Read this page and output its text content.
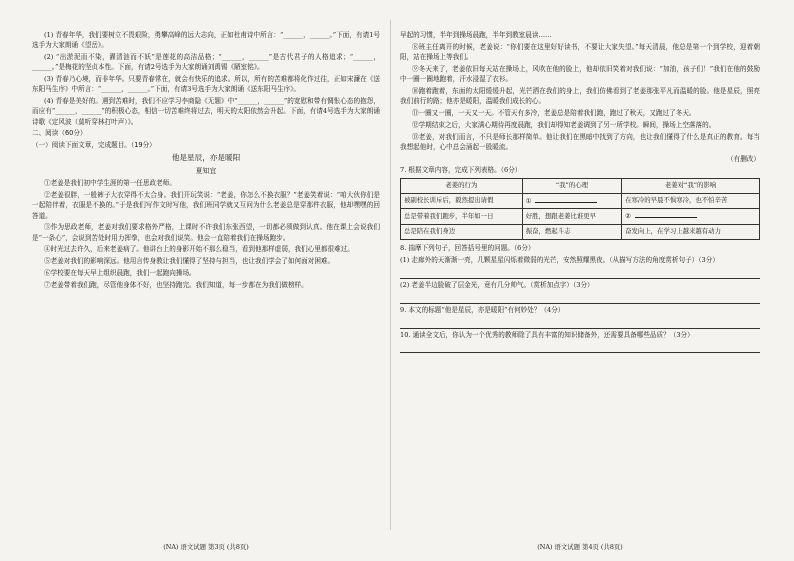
(1) 青春年华，我们要树立不畏艰险，勇攀高峰的远大志向，正如杜甫诗中所言：“______，______。”下面，有请1号选手为大家朗诵《望岳》。

(2) “出淤泥而不染，濯清涟而不妖”是莲花的高洁品格；“______，______”是古代君子的人格追求；“______，______。”是梅花的坚贞本性。下面，有请2号选手为大家朗诵刘禹锡《陋室铭》。

(3) 青春乃心境，而非年华。只要青春常在，就会有快乐的追求。所以，所有的苦难都将化作过往，正如宋濂在《送东阳马生序》中所言：“______，______。”下面，有请3号选手为大家朗诵《送东阳马生序》。

(4) 青春是美好的。遇到苦难时，我们不应学习李商隐《无题》中“______，______”的宽慰和带有惆怅心态的抱怨，而应有“______，______”的积极心态，相信一切苦难终将过去，明天的太阳依然会升起。下面，有请4号选手为大家朗诵诗歌《定风波（莫听穿林打叶声）》。

二、阅读（60分）

（一）阅读下面文章，完成题目。（19分）

他是星辰，亦是暖阳

夏知宜

①老姜是我们初中学生涯的第一任思政老师。

②老姜很胖，一般裤子大衣穿得不太合身。我们开玩笑说：“老姜，你怎么不换衣服？”老姜笑着说：“咱大伙你们是一起陪伴着，衣服是不换的。”于是我们写作文时写他，我们班同学就又互问为什么老姜总是穿那件衣服，他却嘿嘿的回答道。

③作为思政老师，老姜对我们要求格外严格，上课时不许我们东张西望，一切都必须做到认真。他在课上会说我们是“一条心”，会说到苦处时用力挥拳，也会对我们说笑。他会一直陪着我们在操场跑步。

④时光过去许久，后来老姜病了。他讲台上的身影开始不那么稳当，看到他那样虚弱，我们心里都很难过。

⑤老姜对我们的影响深远。他用言传身教让我们懂得了坚持与担当，也让我们学会了如何面对困难。

⑥学校要在每天早上组织晨跑，我们一起跑向操场。

⑦老姜带着我们跑，尽管他身体不好，也坚持跑完。我们知道，每一步都在为我们做榜样。

(NA) 语文试题 第3页 (共8页)

早起的习惯，半年到操场晨跑，半年到教室晨读……

⑧班主任离开的时候，老姜说：“你们要在这里好好读书，不要让大家失望。”每天清晨，他总是第一个到学校，迎着朝阳，站在操场上等我们。

⑨冬天来了，老姜依旧每天站在操场上，风吹在他的脸上，他却依旧笑着对我们说：“加油，孩子们！”我们在他的鼓励中一圈一圈地跑着，汗水浸湿了衣衫。

⑩跑着跑着，东面的太阳缓缓升起，光芒洒在我们的身上，我们仿佛看到了老姜那张平凡而温暖的脸。他是星辰，照亮我们前行的路；他亦是暖阳，温暖我们成长的心。

⑪一圈又一圈，一天又一天。不管天有多冷，老姜总是陪着我们跑，跑过了秋天，又跑过了冬天。

⑫学期结束之后，大家满心期待再度晨跑，我们却得知老姜调到了另一所学校。瞬间，操场上空落落的。

⑬老姜，对我们而言，不只是师长那样简单。他让我们在黑暗中找到了方向，也让我们懂得了什么是真正的教育。每当我想起他时，心中总会涌起一股暖流。

（有删改）

7. 根据文章内容，完成下列表格。（6分）

老姜的行为	“我”的心理	老姜对“我”的影响
被副校长训斥后，毅然提出请假	①	在寒冷的早晨不惧寒冷，也不怕辛苦
总是带着我们跑步，半年如一日	好胜，想跟老姜比谁更早	②
总是陪在我们身边	振奋，燃起斗志	奋发向上，在学习上越来越有动力

8. 揣摩下列句子，回答括号里的问题。（6分）

(1) 走廊外的天渐渐一亮，几颗星星闪烁着微弱的光芒，安然照耀黑夜。（从描写方法的角度赏析句子）（3分）

(2) 老姜半边脸破了层金光，竟有几分帅气。（赏析加点字）（3分）

9. 本文的标题“他是星辰，亦是暖阳”有何妙处？（4分）

10. 通读全文后，你认为一个优秀的教师除了具有丰富的知识储备外，还需要具备哪些品质？（3分）

(NA) 语文试题 第4页 (共8页)
